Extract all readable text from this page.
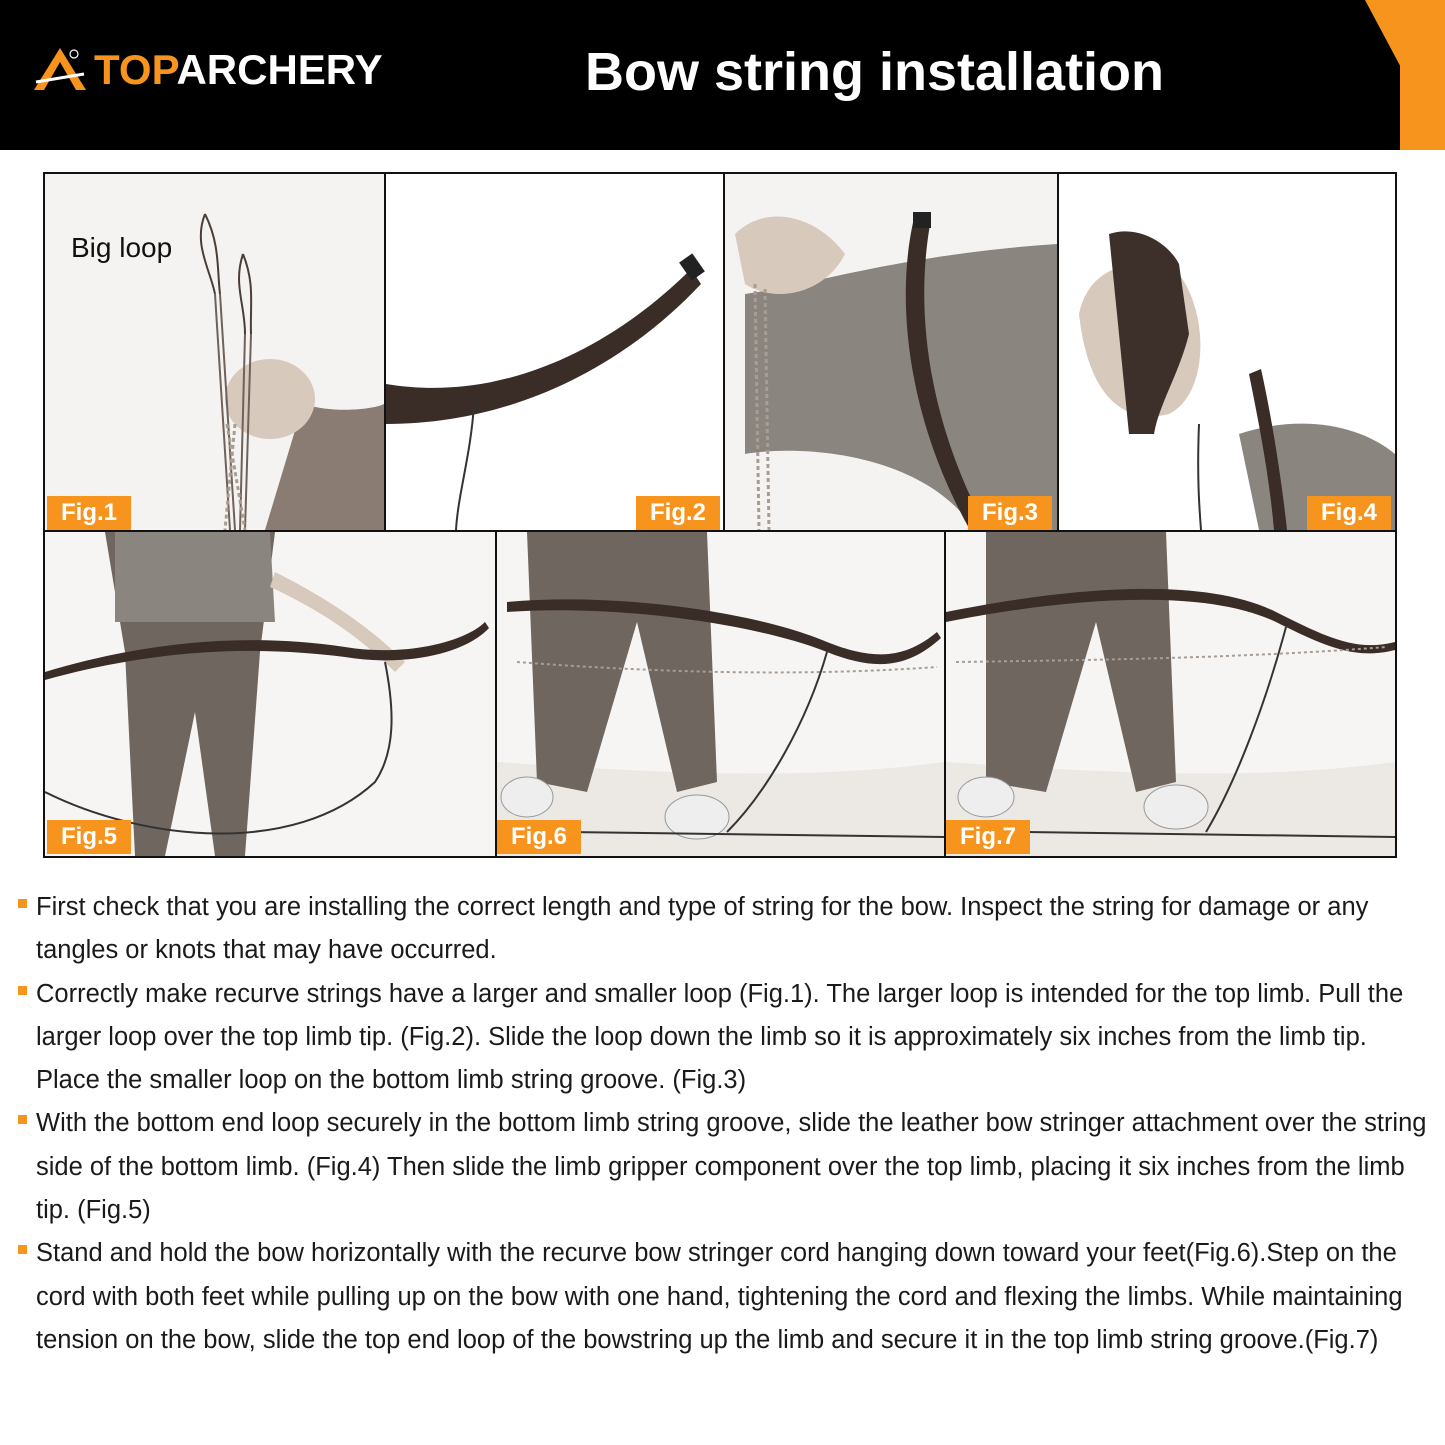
TOPARCHERY	Bow string installation
Big loop
Fig.1	Fig.2	Fig.3	Fig.4
Fig.5	Fig.6	Fig.7

First check that you are installing the correct length and type of string for the bow. Inspect the string for damage or any tangles or knots that may have occurred.

Correctly make recurve strings have a larger and smaller loop (Fig.1). The larger loop is intended for the top limb. Pull the larger loop over the top limb tip. (Fig.2). Slide the loop down the limb so it is approximately six inches from the limb tip. Place the smaller loop on the bottom limb string groove. (Fig.3)

With the bottom end loop securely in the bottom limb string groove, slide the leather bow stringer attachment over the string side of the bottom limb. (Fig.4) Then slide the limb gripper component over the top limb, placing it six inches from the limb tip. (Fig.5)

Stand and hold the bow horizontally with the recurve bow stringer cord hanging down toward your feet(Fig.6).Step on the cord with both feet while pulling up on the bow with one hand, tightening the cord and flexing the limbs. While maintaining tension on the bow, slide the top end loop of the bowstring up the limb and secure it in the top limb string groove.(Fig.7)
